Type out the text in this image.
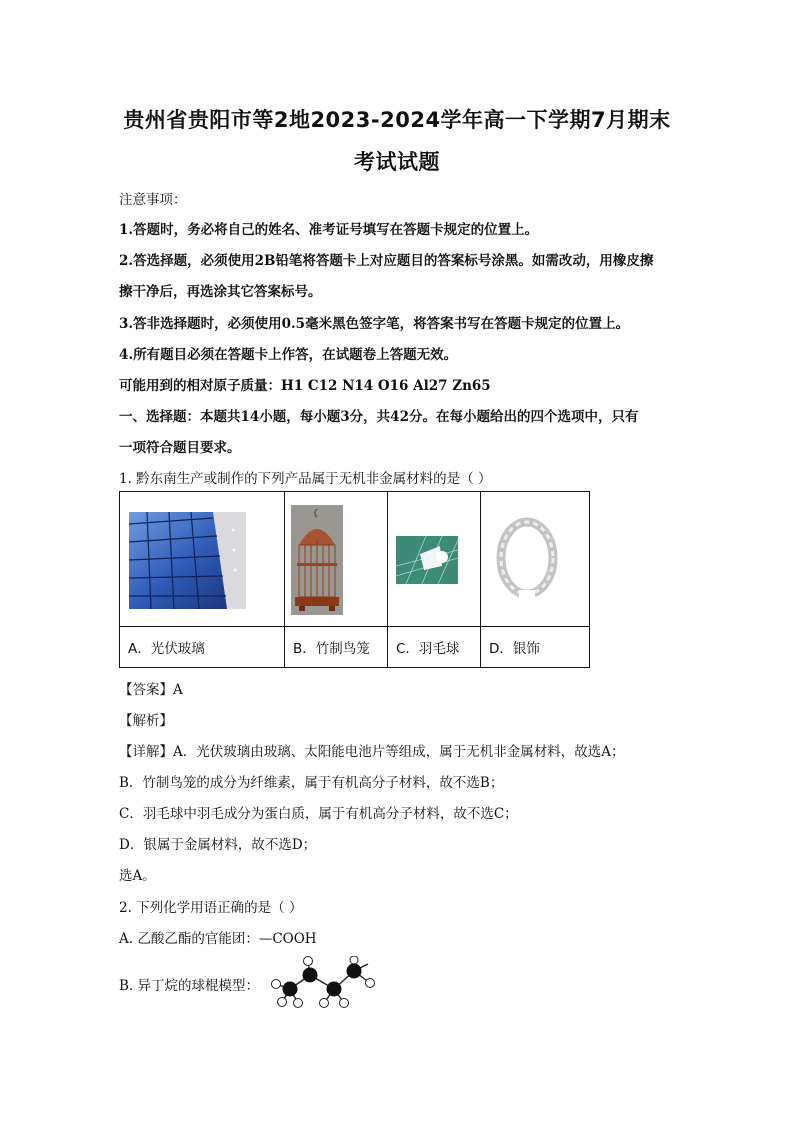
贵州省贵阳市等2地2023-2024学年高一下学期7月期末
考试试题
注意事项：
1.答题时，务必将自己的姓名、准考证号填写在答题卡规定的位置上。
2.答选择题，必须使用2B铅笔将答题卡上对应题目的答案标号涂黑。如需改动，用橡皮擦
擦干净后，再选涂其它答案标号。
3.答非选择题时，必须使用0.5毫米黑色签字笔，将答案书写在答题卡规定的位置上。
4.所有题目必须在答题卡上作答，在试题卷上答题无效。
可能用到的相对原子质量：H1 C12 N14 O16 Al27 Zn65
一、选择题：本题共14小题，每小题3分，共42分。在每小题给出的四个选项中，只有
一项符合题目要求。
1. 黔东南生产或制作的下列产品属于无机非金属材料的是（ ）

A．光伏玻璃	B．竹制鸟笼	C．羽毛球	D．银饰
【答案】A
【解析】
【详解】A．光伏玻璃由玻璃、太阳能电池片等组成，属于无机非金属材料，故选A；
B．竹制鸟笼的成分为纤维素，属于有机高分子材料，故不选B；
C．羽毛球中羽毛成分为蛋白质，属于有机高分子材料，故不选C；
D．银属于金属材料，故不选D；
选A。
2. 下列化学用语正确的是（ ）
A. 乙酸乙酯的官能团：—COOH
B. 异丁烷的球棍模型：
